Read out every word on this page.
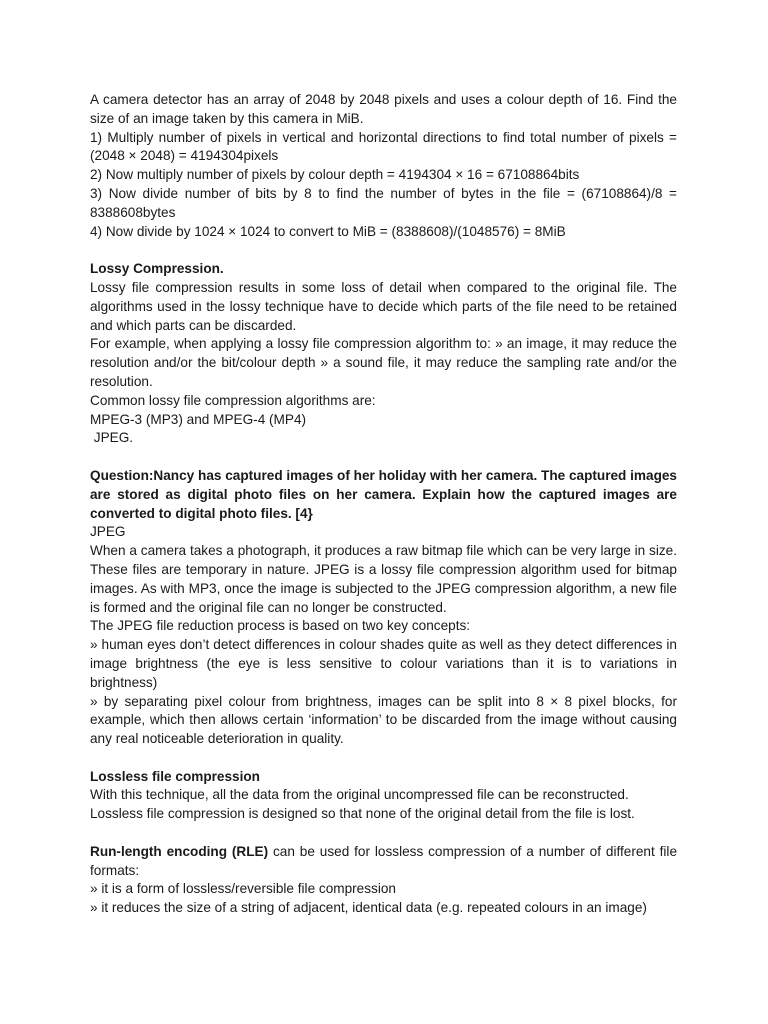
A camera detector has an array of 2048 by 2048 pixels and uses a colour depth of 16. Find the size of an image taken by this camera in MiB.

1) Multiply number of pixels in vertical and horizontal directions to find total number of pixels = (2048 × 2048) = 4194304pixels

2) Now multiply number of pixels by colour depth = 4194304 × 16 = 67108864bits

3) Now divide number of bits by 8 to find the number of bytes in the file = (67108864)/8 = 8388608bytes

4) Now divide by 1024 × 1024 to convert to MiB = (8388608)/(1048576) = 8MiB

Lossy Compression.

Lossy file compression results in some loss of detail when compared to the original file. The algorithms used in the lossy technique have to decide which parts of the file need to be retained and which parts can be discarded.

For example, when applying a lossy file compression algorithm to: » an image, it may reduce the resolution and/or the bit/colour depth » a sound file, it may reduce the sampling rate and/or the resolution.

Common lossy file compression algorithms are:

MPEG-3 (MP3) and MPEG-4 (MP4)

JPEG.

Question:Nancy has captured images of her holiday with her camera. The captured images are stored as digital photo files on her camera. Explain how the captured images are converted to digital photo files. [4}

JPEG

When a camera takes a photograph, it produces a raw bitmap file which can be very large in size. These files are temporary in nature. JPEG is a lossy file compression algorithm used for bitmap images. As with MP3, once the image is subjected to the JPEG compression algorithm, a new file is formed and the original file can no longer be constructed.

The JPEG file reduction process is based on two key concepts:

» human eyes don’t detect differences in colour shades quite as well as they detect differences in image brightness (the eye is less sensitive to colour variations than it is to variations in brightness)

» by separating pixel colour from brightness, images can be split into 8 × 8 pixel blocks, for example, which then allows certain ‘information’ to be discarded from the image without causing any real noticeable deterioration in quality.

Lossless file compression

With this technique, all the data from the original uncompressed file can be reconstructed.

Lossless file compression is designed so that none of the original detail from the file is lost.

Run-length encoding (RLE) can be used for lossless compression of a number of different file formats:

» it is a form of lossless/reversible file compression

» it reduces the size of a string of adjacent, identical data (e.g. repeated colours in an image)
